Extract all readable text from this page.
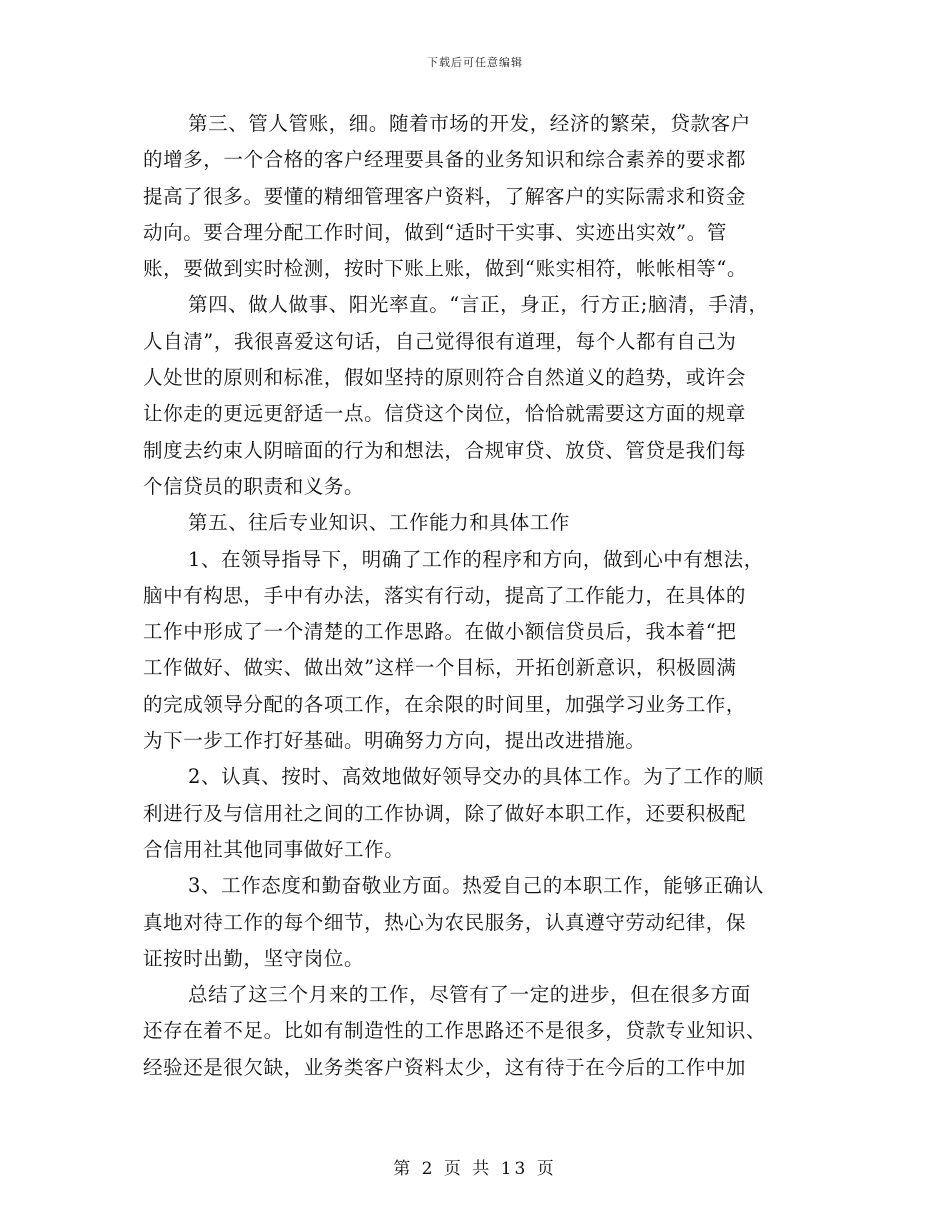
下载后可任意编辑
第三、管人管账，细。随着市场的开发，经济的繁荣，贷款客户
的增多，一个合格的客户经理要具备的业务知识和综合素养的要求都
提高了很多。要懂的精细管理客户资料，了解客户的实际需求和资金
动向。要合理分配工作时间，做到“适时干实事、实迹出实效”。管
账，要做到实时检测，按时下账上账，做到“账实相符，帐帐相等“。
第四、做人做事、阳光率直。“言正，身正，行方正;脑清，手清，
人自清”，我很喜爱这句话，自己觉得很有道理，每个人都有自己为
人处世的原则和标准，假如坚持的原则符合自然道义的趋势，或许会
让你走的更远更舒适一点。信贷这个岗位，恰恰就需要这方面的规章
制度去约束人阴暗面的行为和想法，合规审贷、放贷、管贷是我们每
个信贷员的职责和义务。
第五、往后专业知识、工作能力和具体工作
1、在领导指导下，明确了工作的程序和方向，做到心中有想法，
脑中有构思，手中有办法，落实有行动，提高了工作能力，在具体的
工作中形成了一个清楚的工作思路。在做小额信贷员后，我本着“把
工作做好、做实、做出效”这样一个目标，开拓创新意识，积极圆满
的完成领导分配的各项工作，在余限的时间里，加强学习业务工作，
为下一步工作打好基础。明确努力方向，提出改进措施。
2、认真、按时、高效地做好领导交办的具体工作。为了工作的顺
利进行及与信用社之间的工作协调，除了做好本职工作，还要积极配
合信用社其他同事做好工作。
3、工作态度和勤奋敬业方面。热爱自己的本职工作，能够正确认
真地对待工作的每个细节，热心为农民服务，认真遵守劳动纪律，保
证按时出勤，坚守岗位。
总结了这三个月来的工作，尽管有了一定的进步，但在很多方面
还存在着不足。比如有制造性的工作思路还不是很多，贷款专业知识、
经验还是很欠缺，业务类客户资料太少，这有待于在今后的工作中加
第 2 页 共 13 页
